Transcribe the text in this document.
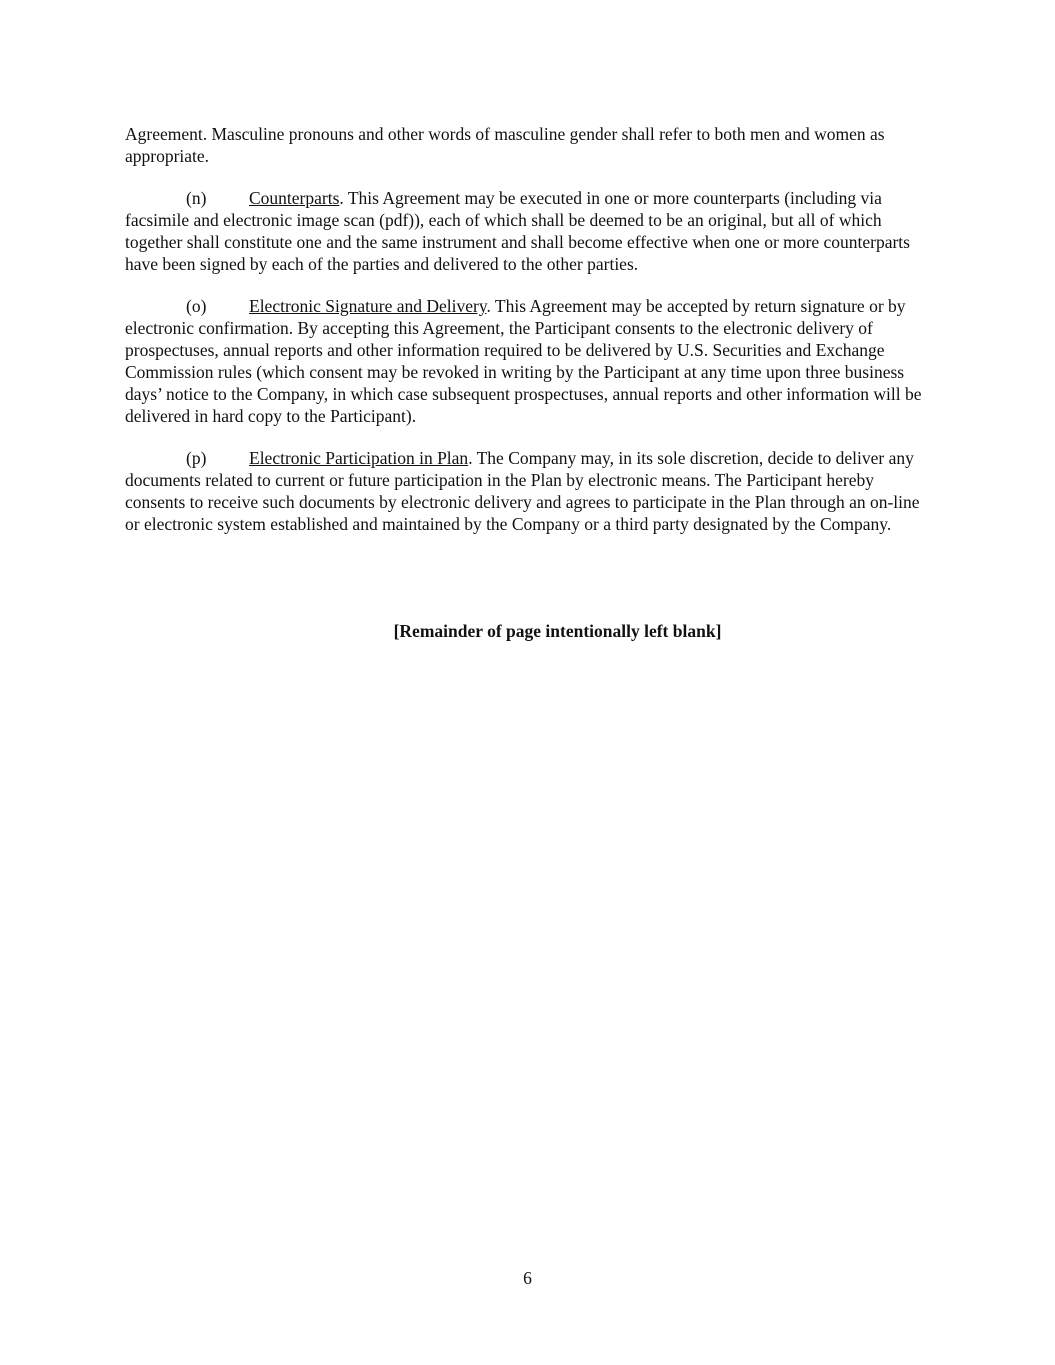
Agreement. Masculine pronouns and other words of masculine gender shall refer to both men and women as appropriate.

(n) Counterparts. This Agreement may be executed in one or more counterparts (including via facsimile and electronic image scan (pdf)), each of which shall be deemed to be an original, but all of which together shall constitute one and the same instrument and shall become effective when one or more counterparts have been signed by each of the parties and delivered to the other parties.

(o) Electronic Signature and Delivery. This Agreement may be accepted by return signature or by electronic confirmation. By accepting this Agreement, the Participant consents to the electronic delivery of prospectuses, annual reports and other information required to be delivered by U.S. Securities and Exchange Commission rules (which consent may be revoked in writing by the Participant at any time upon three business days’ notice to the Company, in which case subsequent prospectuses, annual reports and other information will be delivered in hard copy to the Participant).

(p) Electronic Participation in Plan. The Company may, in its sole discretion, decide to deliver any documents related to current or future participation in the Plan by electronic means. The Participant hereby consents to receive such documents by electronic delivery and agrees to participate in the Plan through an on-line or electronic system established and maintained by the Company or a third party designated by the Company.

[Remainder of page intentionally left blank]
6
